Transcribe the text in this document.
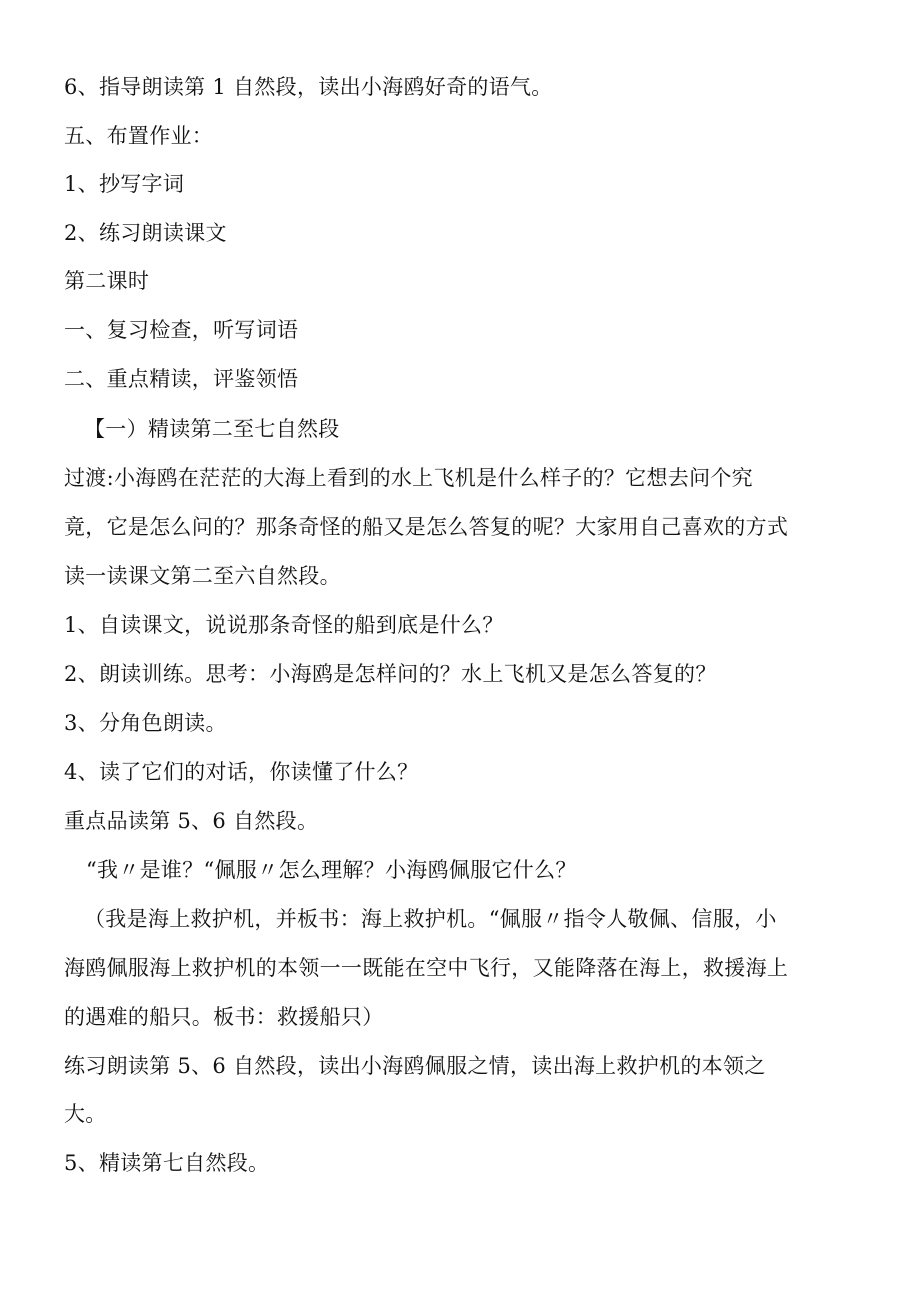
6、指导朗读第 1 自然段，读出小海鸥好奇的语气。
五、布置作业：
1、抄写字词
2、练习朗读课文
第二课时
一、复习检查，听写词语
二、重点精读，评鉴领悟
【一）精读第二至七自然段
过渡:小海鸥在茫茫的大海上看到的水上飞机是什么样子的？它想去问个究
竟，它是怎么问的？那条奇怪的船又是怎么答复的呢？大家用自己喜欢的方式
读一读课文第二至六自然段。
1、自读课文，说说那条奇怪的船到底是什么？
2、朗读训练。思考：小海鸥是怎样问的？水上飞机又是怎么答复的？
3、分角色朗读。
4、读了它们的对话，你读懂了什么？
重点品读第 5、6 自然段。
“我〃是谁？“佩服〃怎么理解？小海鸥佩服它什么？
（我是海上救护机，并板书：海上救护机。“佩服〃指令人敬佩、信服，小
海鸥佩服海上救护机的本领一一既能在空中飞行，又能降落在海上，救援海上
的遇难的船只。板书：救援船只）
练习朗读第 5、6 自然段，读出小海鸥佩服之情，读出海上救护机的本领之
大。
5、精读第七自然段。
